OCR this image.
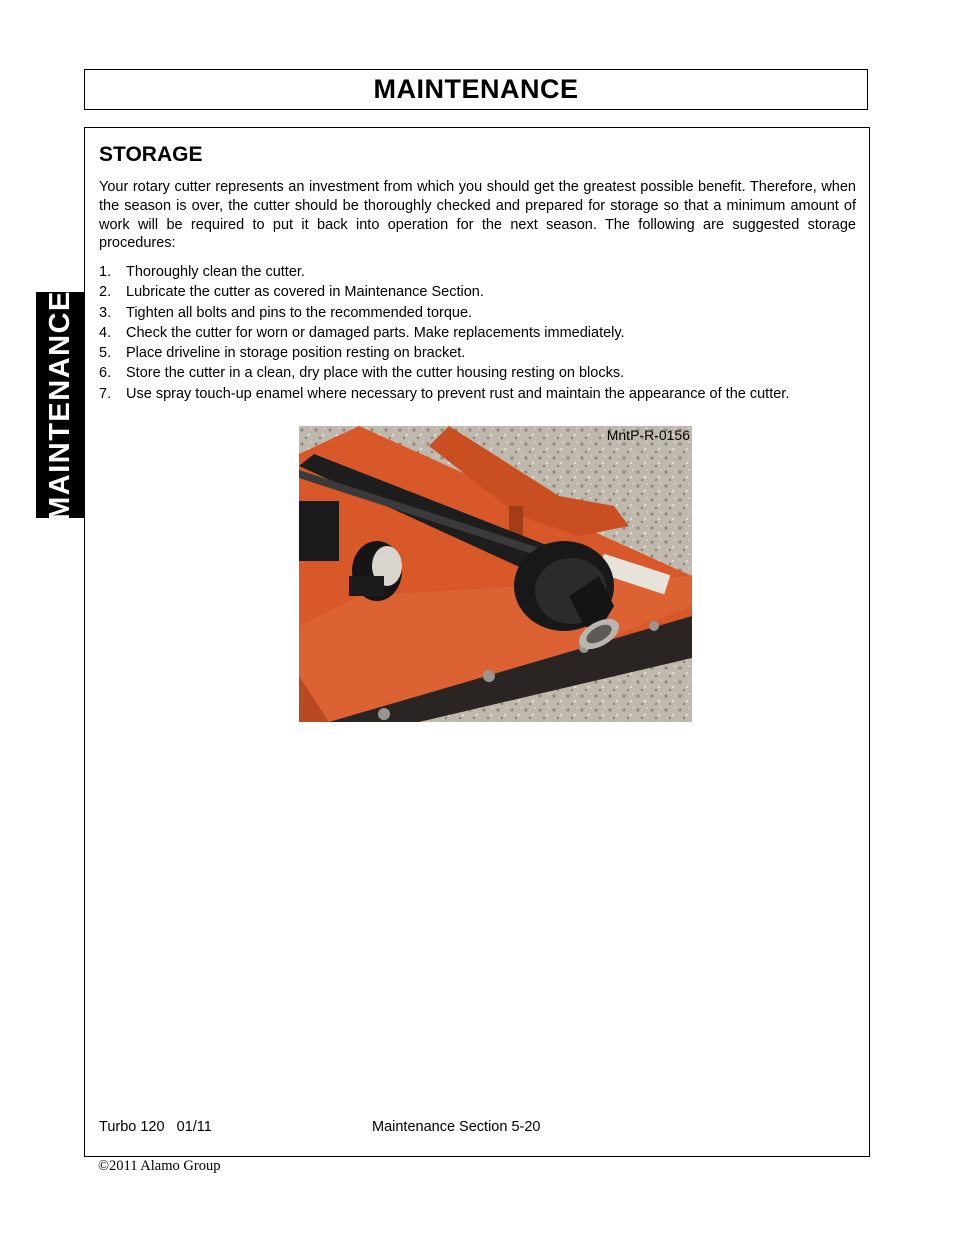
MAINTENANCE
MAINTENANCE
STORAGE

Your rotary cutter represents an investment from which you should get the greatest possible benefit. Therefore, when the season is over, the cutter should be thoroughly checked and prepared for storage so that a minimum amount of work will be required to put it back into operation for the next season. The following are suggested storage procedures:

1.	Thoroughly clean the cutter.
2.	Lubricate the cutter as covered in Maintenance Section.
3.	Tighten all bolts and pins to the recommended torque.
4.	Check the cutter for worn or damaged parts. Make replacements immediately.
5.	Place driveline in storage position resting on bracket.
6.	Store the cutter in a clean, dry place with the cutter housing resting on blocks.
7.	Use spray touch-up enamel where necessary to prevent rust and maintain the appearance of the cutter.
MntP-R-0156
Turbo 120   01/11	Maintenance Section 5-20
©2011 Alamo Group
